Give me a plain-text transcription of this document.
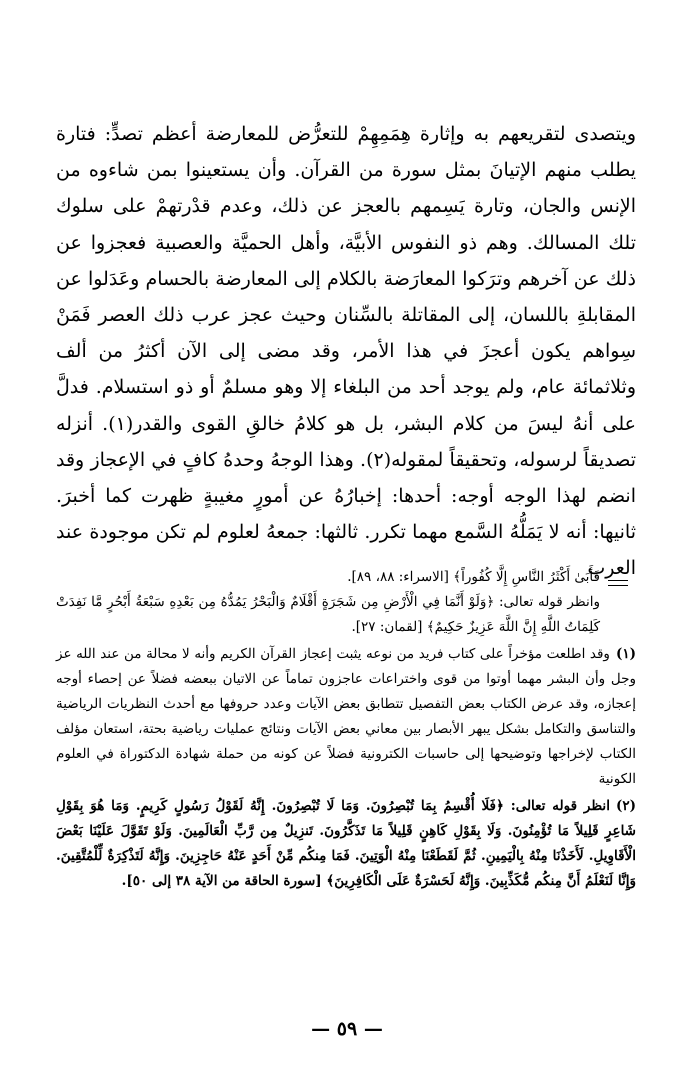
ويتصدى لتقريعهم به وإثارة هِمَمِهِمْ للتعرُّض للمعارضة أعظم تصدٍّ: فتارة يطلب منهم الإتيانَ بمثل سورة من القرآن. وأن يستعينوا بمن شاءوه من الإنس والجان، وتارة يَسِمهم بالعجز عن ذلك، وعدم قدْرتهمْ على سلوك تلك المسالك. وهم ذو النفوس الأبيَّة، وأهل الحميَّة والعصبية فعجزوا عن ذلك عن آخرهم وترَكوا المعارَضة بالكلام إلى المعارضة بالحسام وعَدَلوا عن المقابلةِ باللسان، إلى المقاتلة بالسِّنان وحيث عجز عرب ذلك العصر فَمَنْ سِواهم يكون أعجزَ في هذا الأمر، وقد مضى إلى الآن أكثرُ من ألف وثلاثمائة عام، ولم يوجد أحد من البلغاء إلا وهو مسلمٌ أو ذو استسلام. فدلَّ على أنهُ ليسَ من كلام البشر، بل هو كلامُ خالقِ القوى والقدر(١). أنزله تصديقاً لرسوله، وتحقيقاً لمقوله(٢). وهذا الوجهُ وحدهُ كافٍ في الإعجاز وقد انضم لهذا الوجه أوجه: أحدها: إخبارُهُ عن أمورٍ مغيبةٍ ظهرت كما أخبرَ. ثانيها: أنه لا يَمَلُّهُ السَّمع مهما تكرر. ثالثها: جمعهُ لعلوم لم تكن موجودة عند العرب

فَأَبَىٰ أَكْثَرُ النَّاسِ إِلَّا كُفُوراً﴾ [الاسراء: ٨٨، ٨٩].

وانظر قوله تعالى: ﴿وَلَوْ أَنَّمَا فِي الْأَرْضِ مِن شَجَرَةٍ أَقْلَامٌ وَالْبَحْرُ يَمُدُّهُ مِن بَعْدِهِ سَبْعَةُ أَبْحُرٍ مَّا نَفِدَتْ كَلِمَاتُ اللَّهِ إِنَّ اللَّهَ عَزِيزٌ حَكِيمٌ﴾ [لقمان: ٢٧].

(١)وقد اطلعت مؤخراً على كتاب فريد من نوعه يثبت إعجاز القرآن الكريم وأنه لا محالة من عند الله عز وجل وأن البشر مهما أوتوا من قوى واختراعات عاجزون تماماً عن الاتيان ببعضه فضلاً عن إحصاء أوجه إعجازه، وقد عرض الكتاب بعض التفصيل تتطابق بعض الآيات وعدد حروفها مع أحدث النظريات الرياضية والتناسق والتكامل بشكل يبهر الأبصار بين معاني بعض الآيات ونتائج عمليات رياضية بحتة، استعان مؤلف الكتاب لإخراجها وتوضيحها إلى حاسبات الكترونية فضلاً عن كونه من حملة شهادة الدكتوراة في العلوم الكونية

(٢)انظر قوله تعالى: ﴿فَلَا أُقْسِمُ بِمَا تُبْصِرُونَ. وَمَا لَا تُبْصِرُونَ. إِنَّهُ لَقَوْلُ رَسُولٍ كَرِيمٍ. وَمَا هُوَ بِقَوْلِ شَاعِرٍ قَلِيلاً مَا تُؤْمِنُونَ. وَلَا بِقَوْلِ كَاهِنٍ قَلِيلاً مَا تَذَكَّرُونَ. تَنزِيلٌ مِن رَّبِّ الْعَالَمِينَ. وَلَوْ تَقَوَّلَ عَلَيْنَا بَعْضَ الْأَقَاوِيلِ. لَأَخَذْنَا مِنْهُ بِالْيَمِينِ. ثُمَّ لَقَطَعْنَا مِنْهُ الْوَتِينَ. فَمَا مِنكُم مِّنْ أَحَدٍ عَنْهُ حَاجِزِينَ. وَإِنَّهُ لَتَذْكِرَةٌ لِّلْمُتَّقِينَ. وَإِنَّا لَنَعْلَمُ أَنَّ مِنكُم مُّكَذِّبِينَ. وَإِنَّهُ لَحَسْرَةٌ عَلَى الْكَافِرِينَ﴾ [سورة الحاقة من الآية ٣٨ إلى ٥٠].

— ٥٩ —
